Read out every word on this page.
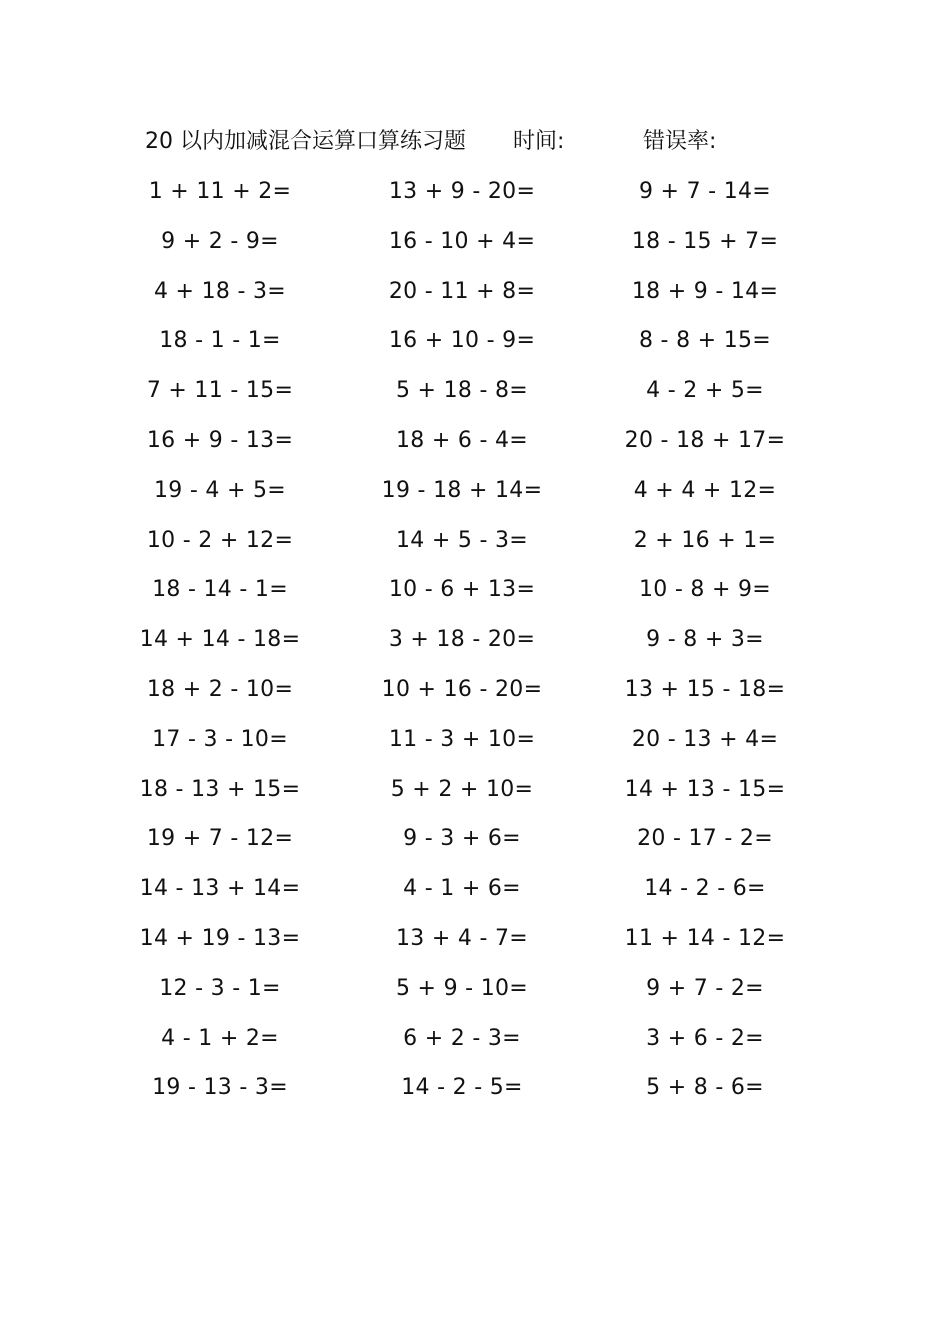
20 以内加减混合运算口算练习题 时间:	错误率:
1 + 11 + 2=	13 + 9 - 20=	9 + 7 - 14=
9 + 2 - 9=	16 - 10 + 4=	18 - 15 + 7=
4 + 18 - 3=	20 - 11 + 8=	18 + 9 - 14=
18 - 1 - 1=	16 + 10 - 9=	8 - 8 + 15=
7 + 11 - 15=	5 + 18 - 8=	4 - 2 + 5=
16 + 9 - 13=	18 + 6 - 4=	20 - 18 + 17=
19 - 4 + 5=	19 - 18 + 14=	4 + 4 + 12=
10 - 2 + 12=	14 + 5 - 3=	2 + 16 + 1=
18 - 14 - 1=	10 - 6 + 13=	10 - 8 + 9=
14 + 14 - 18=	3 + 18 - 20=	9 - 8 + 3=
18 + 2 - 10=	10 + 16 - 20=	13 + 15 - 18=
17 - 3 - 10=	11 - 3 + 10=	20 - 13 + 4=
18 - 13 + 15=	5 + 2 + 10=	14 + 13 - 15=
19 + 7 - 12=	9 - 3 + 6=	20 - 17 - 2=
14 - 13 + 14=	4 - 1 + 6=	14 - 2 - 6=
14 + 19 - 13=	13 + 4 - 7=	11 + 14 - 12=
12 - 3 - 1=	5 + 9 - 10=	9 + 7 - 2=
4 - 1 + 2=	6 + 2 - 3=	3 + 6 - 2=
19 - 13 - 3=	14 - 2 - 5=	5 + 8 - 6=
